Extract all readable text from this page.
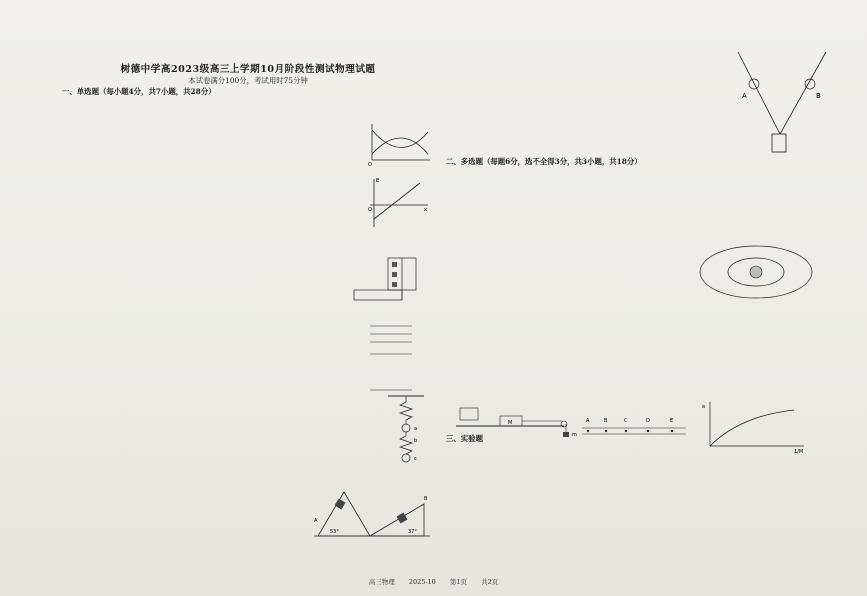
树德中学高2023级高三上学期10月阶段性测试物理试题
本试卷满分100分，考试用时75分钟
一、单选题（每小题4分，共7小题，共28分）
O
E
O	x
a
b
c
53°	37°
A
B
二、多选题（每题6分，选不全得3分，共3小题，共18分）
三、实验题
A	B
M
m
A	B	C	D	E
a
1/M
高三物理 2025-10 第1页 共2页
